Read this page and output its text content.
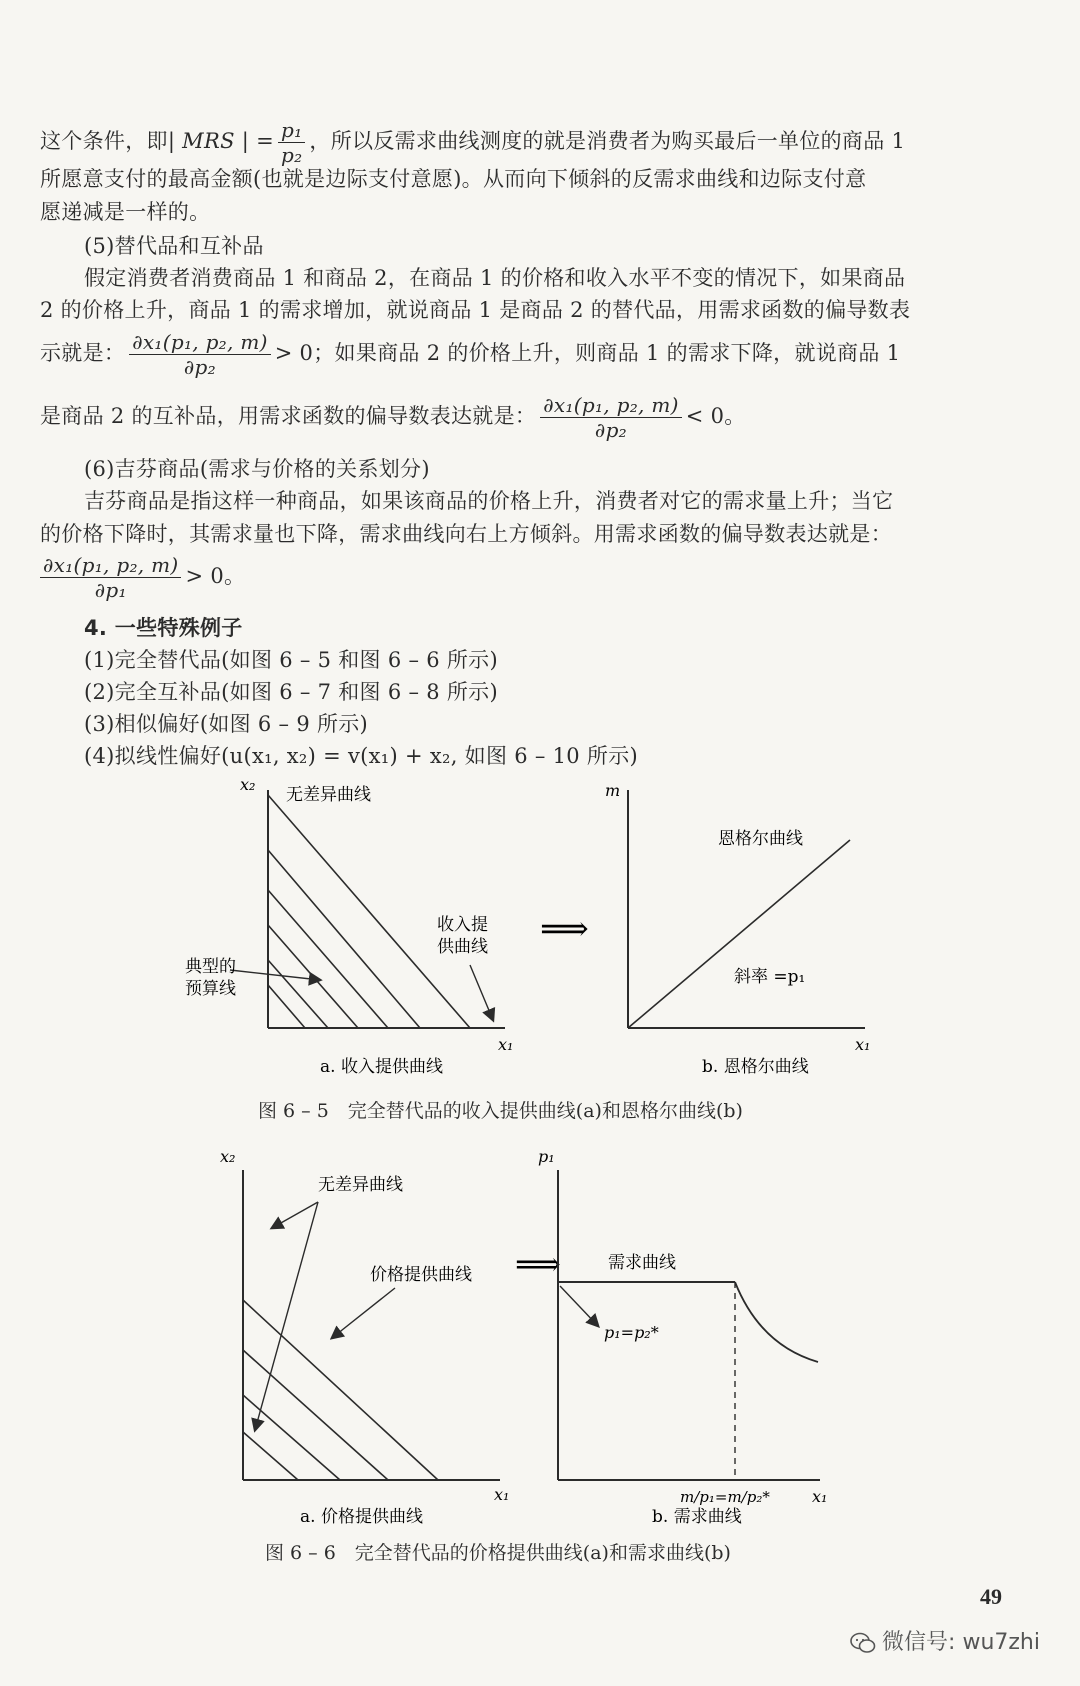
这个条件，即| MRS | = $\frac{\text{p₁}}{\text{p₂}}$ ，所以反需求曲线测度的就是消费者为购买最后一单位的商品 1
所愿意支付的最高金额(也就是边际支付意愿)。从而向下倾斜的反需求曲线和边际支付意
愿递减是一样的。
(5)替代品和互补品
假定消费者消费商品 1 和商品 2，在商品 1 的价格和收入水平不变的情况下，如果商品
2 的价格上升，商品 1 的需求增加，就说商品 1 是商品 2 的替代品，用需求函数的偏导数表
示就是： $\frac{\text{∂x₁(p₁, p₂, m)}}{\text{∂p₂}} > 0$；如果商品 2 的价格上升，则商品 1 的需求下降，就说商品 1
是商品 2 的互补品，用需求函数的偏导数表达就是： $\frac{\text{∂x₁(p₁, p₂, m)}}{\text{∂p₂}} < 0$。
(6)吉芬商品(需求与价格的关系划分)
吉芬商品是指这样一种商品，如果该商品的价格上升，消费者对它的需求量上升；当它
的价格下降时，其需求量也下降，需求曲线向右上方倾斜。用需求函数的偏导数表达就是：
$\frac{\text{∂x₁(p₁, p₂, m)}}{\text{∂p₁}} > 0$。
4. 一些特殊例子
(1)完全替代品(如图 6 – 5 和图 6 – 6 所示)
(2)完全互补品(如图 6 – 7 和图 6 – 8 所示)
(3)相似偏好(如图 6 – 9 所示)
(4)拟线性偏好(u(x₁, x₂) = v(x₁) + x₂, 如图 6 – 10 所示)
x₂
x₁
无差异曲线
收入提
供曲线
典型的
预算线
a. 收入提供曲线
⟹
m
x₁
恩格尔曲线
斜率 =p₁
b. 恩格尔曲线
图 6 – 5　完全替代品的收入提供曲线(a)和恩格尔曲线(b)
x₂
x₁
无差异曲线
价格提供曲线
a. 价格提供曲线
⟹
p₁
x₁
需求曲线
p₁=p₂*
m/p₁=m/p₂*
b. 需求曲线
图 6 – 6　完全替代品的价格提供曲线(a)和需求曲线(b)
49
微信号: wu7zhi
